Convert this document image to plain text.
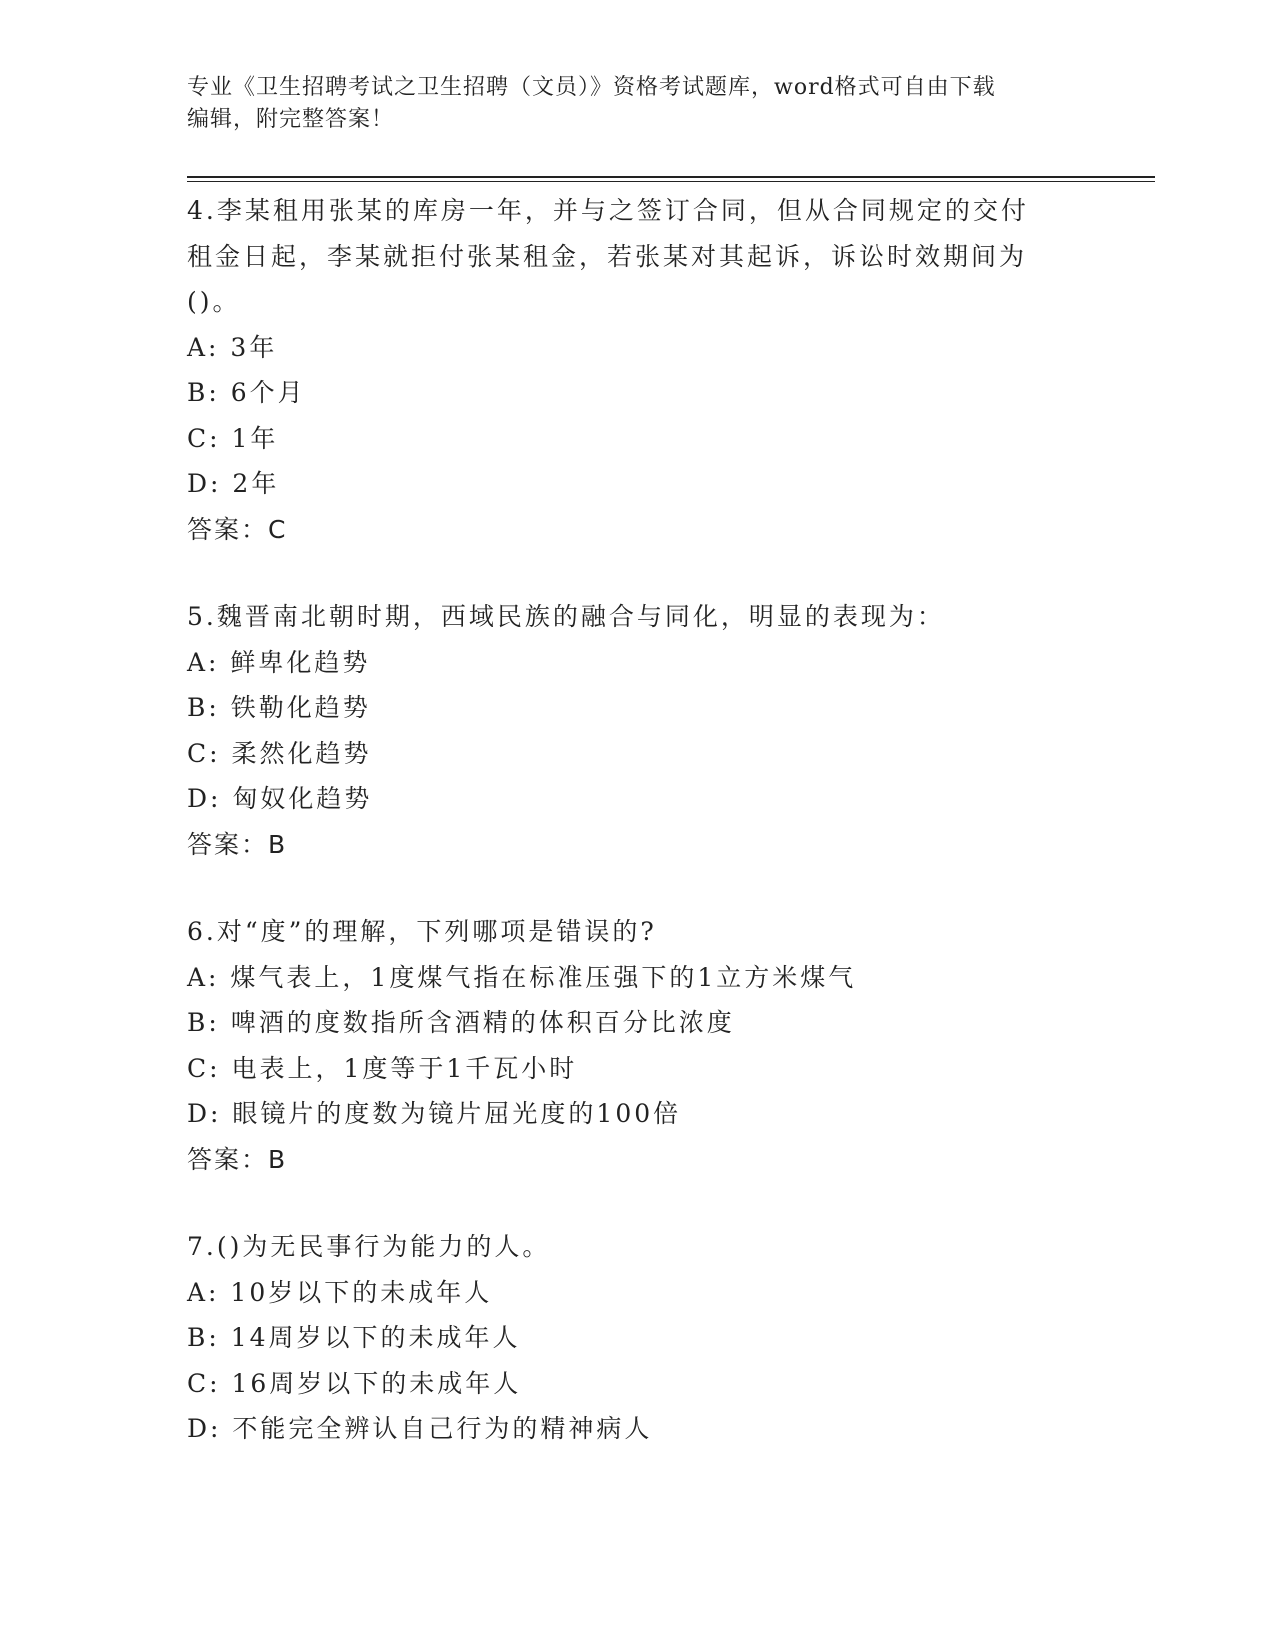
专业《卫生招聘考试之卫生招聘（文员）》资格考试题库，word格式可自由下载
编辑，附完整答案！
4.李某租用张某的库房一年，并与之签订合同，但从合同规定的交付
租金日起，李某就拒付张某租金，若张某对其起诉，诉讼时效期间为
()。
A: 3年
B: 6个月
C: 1年
D: 2年
答案：C
5.魏晋南北朝时期，西域民族的融合与同化，明显的表现为：
A: 鲜卑化趋势
B: 铁勒化趋势
C: 柔然化趋势
D: 匈奴化趋势
答案：B
6.对“度”的理解，下列哪项是错误的?
A: 煤气表上，1度煤气指在标准压强下的1立方米煤气
B: 啤酒的度数指所含酒精的体积百分比浓度
C: 电表上，1度等于1千瓦小时
D: 眼镜片的度数为镜片屈光度的100倍
答案：B
7.()为无民事行为能力的人。
A: 10岁以下的未成年人
B: 14周岁以下的未成年人
C: 16周岁以下的未成年人
D: 不能完全辨认自己行为的精神病人
